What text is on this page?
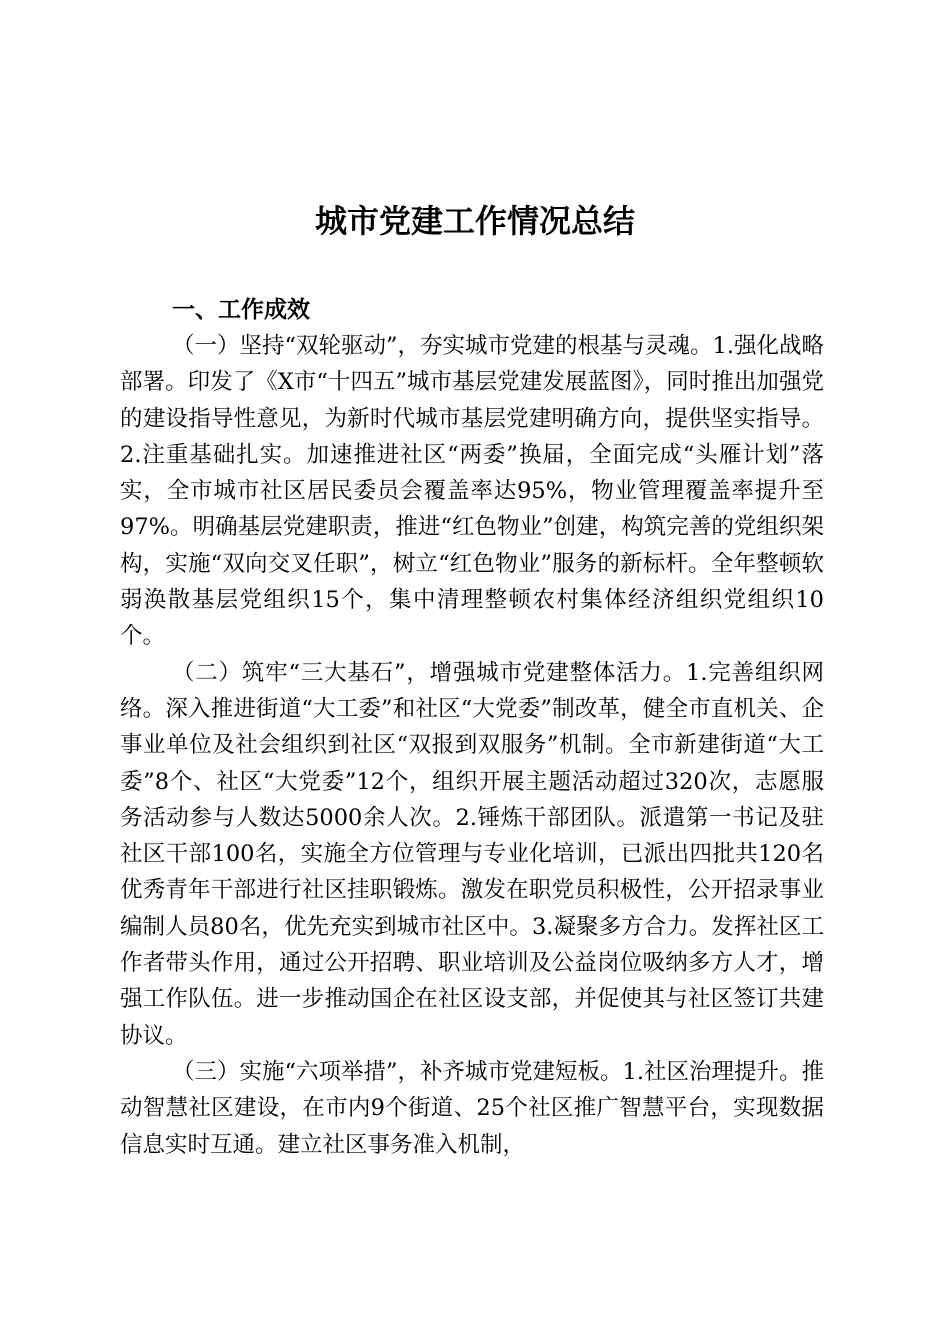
城市党建工作情况总结
一、工作成效

（一）坚持“双轮驱动”，夯实城市党建的根基与灵魂。1.强化战略部署。印发了《X市“十四五”城市基层党建发展蓝图》，同时推出加强党的建设指导性意见，为新时代城市基层党建明确方向，提供坚实指导。2.注重基础扎实。加速推进社区“两委”换届，全面完成“头雁计划”落实，全市城市社区居民委员会覆盖率达95%，物业管理覆盖率提升至97%。明确基层党建职责，推进“红色物业”创建，构筑完善的党组织架构，实施“双向交叉任职”，树立“红色物业”服务的新标杆。全年整顿软弱涣散基层党组织15个，集中清理整顿农村集体经济组织党组织10个。

（二）筑牢“三大基石”，增强城市党建整体活力。1.完善组织网络。深入推进街道“大工委”和社区“大党委”制改革，健全市直机关、企事业单位及社会组织到社区“双报到双服务”机制。全市新建街道“大工委”8个、社区“大党委”12个，组织开展主题活动超过320次，志愿服务活动参与人数达5000余人次。2.锤炼干部团队。派遣第一书记及驻社区干部100名，实施全方位管理与专业化培训，已派出四批共120名优秀青年干部进行社区挂职锻炼。激发在职党员积极性，公开招录事业编制人员80名，优先充实到城市社区中。3.凝聚多方合力。发挥社区工作者带头作用，通过公开招聘、职业培训及公益岗位吸纳多方人才，增强工作队伍。进一步推动国企在社区设支部，并促使其与社区签订共建协议。

（三）实施“六项举措”，补齐城市党建短板。1.社区治理提升。推动智慧社区建设，在市内9个街道、25个社区推广智慧平台，实现数据信息实时互通。建立社区事务准入机制，
